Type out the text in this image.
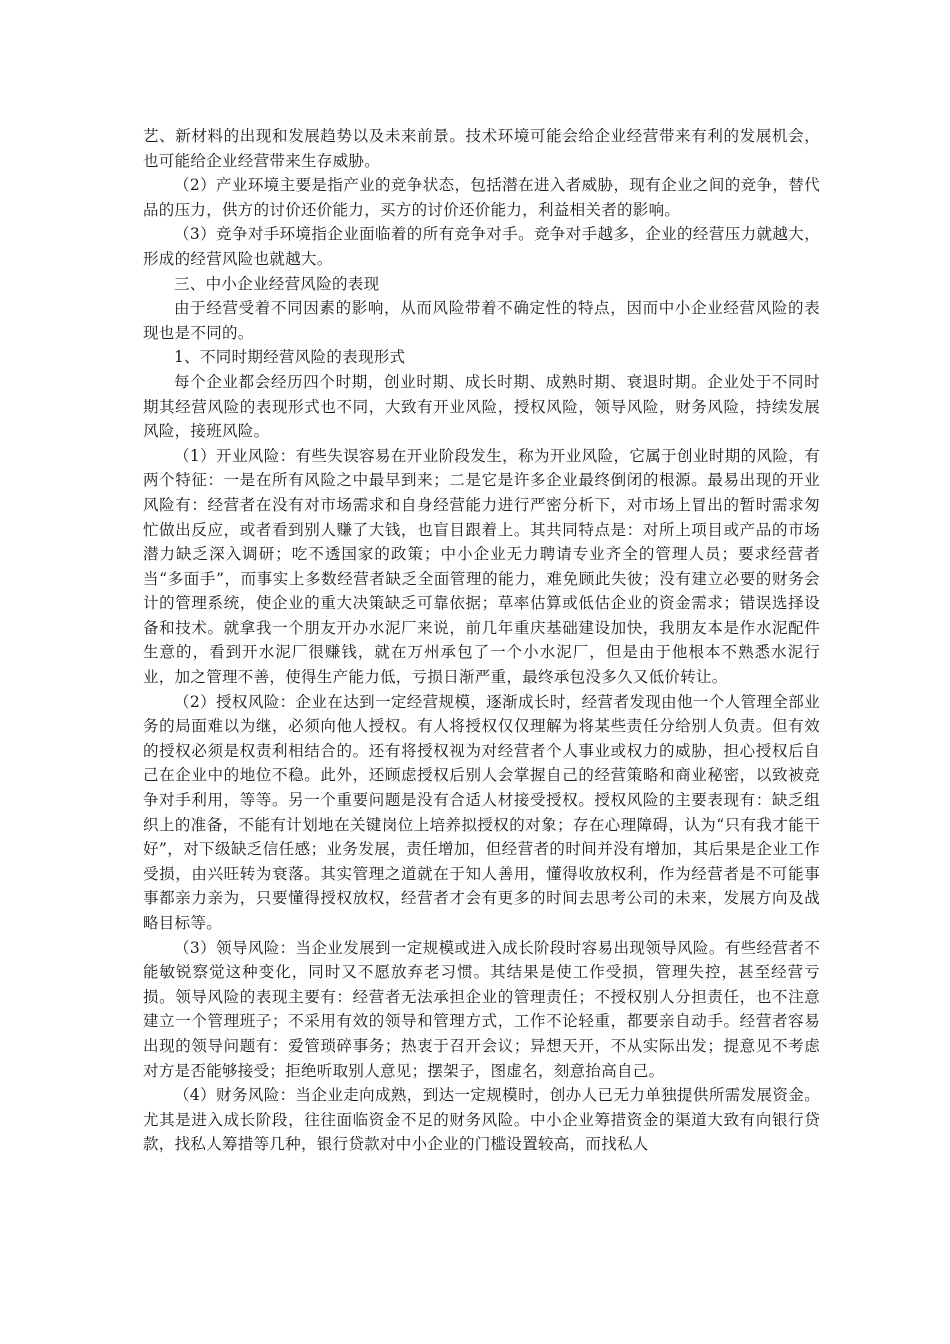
艺、新材料的出现和发展趋势以及未来前景。技术环境可能会给企业经营带来有利的发展机会，也可能给企业经营带来生存威胁。

（2）产业环境主要是指产业的竞争状态，包括潜在进入者威胁，现有企业之间的竞争，替代品的压力，供方的讨价还价能力，买方的讨价还价能力，利益相关者的影响。

（3）竞争对手环境指企业面临着的所有竞争对手。竞争对手越多，企业的经营压力就越大，形成的经营风险也就越大。

三、中小企业经营风险的表现

由于经营受着不同因素的影响，从而风险带着不确定性的特点，因而中小企业经营风险的表现也是不同的。

1、不同时期经营风险的表现形式

每个企业都会经历四个时期，创业时期、成长时期、成熟时期、衰退时期。企业处于不同时期其经营风险的表现形式也不同，大致有开业风险，授权风险，领导风险，财务风险，持续发展风险，接班风险。

（1）开业风险：有些失误容易在开业阶段发生，称为开业风险，它属于创业时期的风险，有两个特征：一是在所有风险之中最早到来；二是它是许多企业最终倒闭的根源。最易出现的开业风险有：经营者在没有对市场需求和自身经营能力进行严密分析下，对市场上冒出的暂时需求匆忙做出反应，或者看到别人赚了大钱，也盲目跟着上。其共同特点是：对所上项目或产品的市场潜力缺乏深入调研；吃不透国家的政策；中小企业无力聘请专业齐全的管理人员；要求经营者当“多面手”，而事实上多数经营者缺乏全面管理的能力，难免顾此失彼；没有建立必要的财务会计的管理系统，使企业的重大决策缺乏可靠依据；草率估算或低估企业的资金需求；错误选择设备和技术。就拿我一个朋友开办水泥厂来说，前几年重庆基础建设加快，我朋友本是作水泥配件生意的，看到开水泥厂很赚钱，就在万州承包了一个小水泥厂，但是由于他根本不熟悉水泥行业，加之管理不善，使得生产能力低，亏损日渐严重，最终承包没多久又低价转让。

（2）授权风险：企业在达到一定经营规模，逐渐成长时，经营者发现由他一个人管理全部业务的局面难以为继，必须向他人授权。有人将授权仅仅理解为将某些责任分给别人负责。但有效的授权必须是权责利相结合的。还有将授权视为对经营者个人事业或权力的威胁，担心授权后自己在企业中的地位不稳。此外，还顾虑授权后别人会掌握自己的经营策略和商业秘密，以致被竞争对手利用，等等。另一个重要问题是没有合适人材接受授权。授权风险的主要表现有：缺乏组织上的准备，不能有计划地在关键岗位上培养拟授权的对象；存在心理障碍，认为“只有我才能干好”，对下级缺乏信任感；业务发展，责任增加，但经营者的时间并没有增加，其后果是企业工作受损，由兴旺转为衰落。其实管理之道就在于知人善用，懂得收放权利，作为经营者是不可能事事都亲力亲为，只要懂得授权放权，经营者才会有更多的时间去思考公司的未来，发展方向及战略目标等。

（3）领导风险：当企业发展到一定规模或进入成长阶段时容易出现领导风险。有些经营者不能敏锐察觉这种变化，同时又不愿放弃老习惯。其结果是使工作受损，管理失控，甚至经营亏损。领导风险的表现主要有：经营者无法承担企业的管理责任；不授权别人分担责任，也不注意建立一个管理班子；不采用有效的领导和管理方式，工作不论轻重，都要亲自动手。经营者容易出现的领导问题有：爱管琐碎事务；热衷于召开会议；异想天开，不从实际出发；提意见不考虑对方是否能够接受；拒绝听取别人意见；摆架子，图虚名，刻意抬高自己。

（4）财务风险：当企业走向成熟，到达一定规模时，创办人已无力单独提供所需发展资金。尤其是进入成长阶段，往往面临资金不足的财务风险。中小企业筹措资金的渠道大致有向银行贷款，找私人筹措等几种，银行贷款对中小企业的门槛设置较高，而找私人
